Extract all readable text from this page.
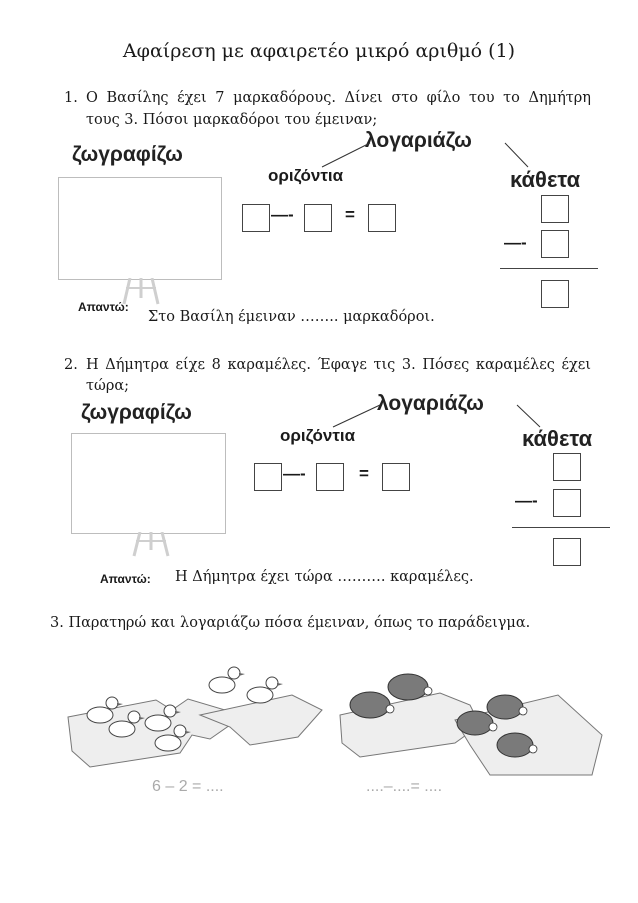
Αφαίρεση με αφαιρετέο μικρό αριθμό (1)
1. Ο Βασίλης έχει 7 μαρκαδόρους. Δίνει στο φίλο του το Δημήτρη
τους 3. Πόσοι μαρκαδόροι του έμειναν;
ζωγραφίζω
λογαριάζω
οριζόντια	κάθετα
—-	=
—-
Απαντώ:
Στο Βασίλη έμειναν …….. μαρκαδόροι.
2. Η Δήμητρα είχε 8 καραμέλες. Έφαγε τις 3. Πόσες καραμέλες έχει
τώρα;
ζωγραφίζω	λογαριάζω
οριζόντια	κάθετα
—-	=
—-
Απαντώ: Η Δήμητρα έχει τώρα ………. καραμέλες.
3. Παρατηρώ και λογαριάζω πόσα έμειναν, όπως το παράδειγμα.
6 – 2 = ....	....–....= ....
